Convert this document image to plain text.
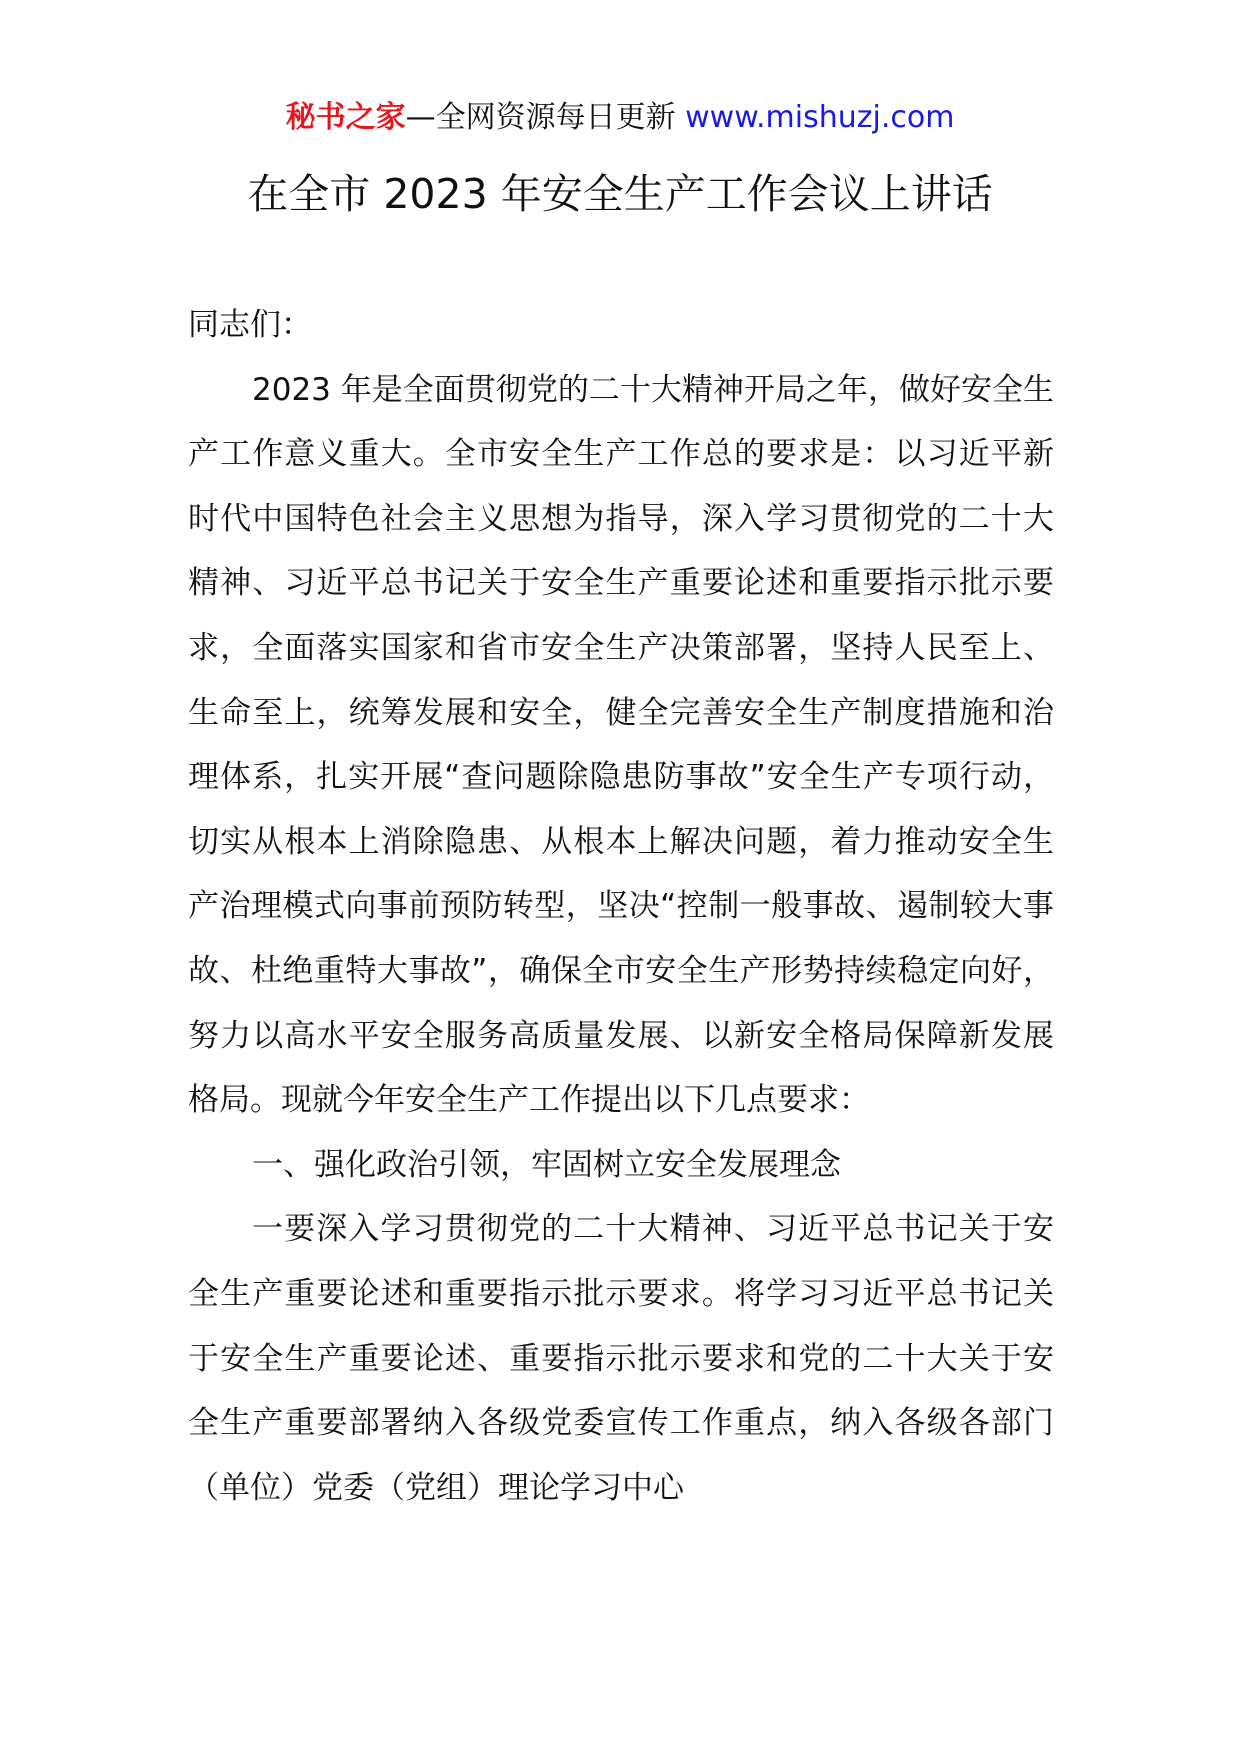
秘书之家—全网资源每日更新 www.mishuzj.com
在全市 2023 年安全生产工作会议上讲话

同志们：

2023 年是全面贯彻党的二十大精神开局之年，做好安全生产工作意义重大。全市安全生产工作总的要求是：以习近平新时代中国特色社会主义思想为指导，深入学习贯彻党的二十大精神、习近平总书记关于安全生产重要论述和重要指示批示要求，全面落实国家和省市安全生产决策部署，坚持人民至上、生命至上，统筹发展和安全，健全完善安全生产制度措施和治理体系，扎实开展“查问题除隐患防事故”安全生产专项行动，切实从根本上消除隐患、从根本上解决问题，着力推动安全生产治理模式向事前预防转型，坚决“控制一般事故、遏制较大事故、杜绝重特大事故”，确保全市安全生产形势持续稳定向好，努力以高水平安全服务高质量发展、以新安全格局保障新发展格局。现就今年安全生产工作提出以下几点要求：

一、强化政治引领，牢固树立安全发展理念

一要深入学习贯彻党的二十大精神、习近平总书记关于安全生产重要论述和重要指示批示要求。将学习习近平总书记关于安全生产重要论述、重要指示批示要求和党的二十大关于安全生产重要部署纳入各级党委宣传工作重点，纳入各级各部门（单位）党委（党组）理论学习中心
